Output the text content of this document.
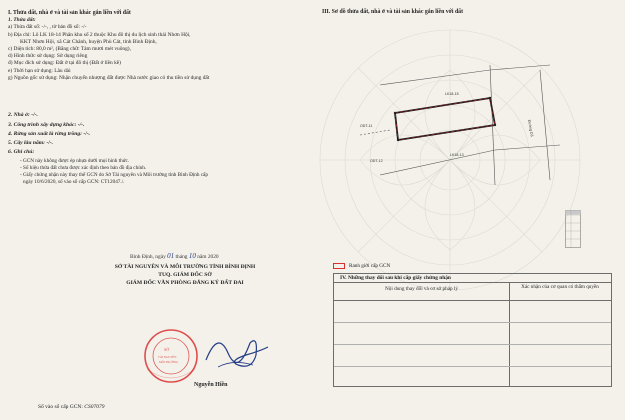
I. Thửa đất, nhà ở và tài sản khác gắn liền với đất
1. Thửa đất:
a) Thửa đất số: -/-, , tờ bản đồ số: -/-
b) Địa chỉ: Lô LK 18-14 Phân khu số 2 thuộc Khu đô thị du lịch sinh thái Nhơn Hội,
KKT Nhơn Hội, xã Cát Chánh, huyện Phù Cát, tỉnh Bình Định,
c) Diện tích: 80,0 m², (Bằng chữ: Tám mươi mét vuông),
d) Hình thức sử dụng: Sử dụng riêng
đ) Mục đích sử dụng: Đất ở tại đô thị (Đất ở liền kề)
e) Thời hạn sử dụng: Lâu dài
g) Nguồn gốc sử dụng: Nhận chuyển nhượng đất được Nhà nước giao có thu tiền sử dụng đất
2. Nhà ở: -/-.
3. Công trình xây dựng khác: -/-.
4. Rừng sản xuất là rừng trồng: -/-.
5. Cây lâu năm: -/-.
6. Ghi chú:
- GCN này không được ép nhựa dưới mọi hình thức.
- Số hiệu thửa đất chưa được xác định theo bản đồ địa chính.
- Giấy chứng nhận này thay thế GCN do Sở Tài nguyên và Môi trường tỉnh Bình Định cấp
ngày 10/6/2020, số vào sổ cấp GCN: CT12047./.
III. Sơ đồ thửa đất, nhà ở và tài sản khác gắn liền với đất
LK18-15
LK18-13
Đường D3
ODT-11
ODT-12
Ranh giới cấp GCN
IV. Những thay đổi sau khi cấp giấy chứng nhận
Nội dung thay đổi và cơ sở pháp lý	Xác nhận của cơ quan có thẩm quyền
Bình Định, ngày 01 tháng 10 năm 2020
SỞ TÀI NGUYÊN VÀ MÔI TRƯỜNG TỈNH BÌNH ĐỊNH
TUQ. GIÁM ĐỐC SỞ
GIÁM ĐỐC VĂN PHÒNG ĐĂNG KÝ ĐẤT ĐAI
SỞ
TÀI NGUYÊN
MÔI TRƯỜNG
Nguyễn Hiền
Số vào sổ cấp GCN: CS07079
